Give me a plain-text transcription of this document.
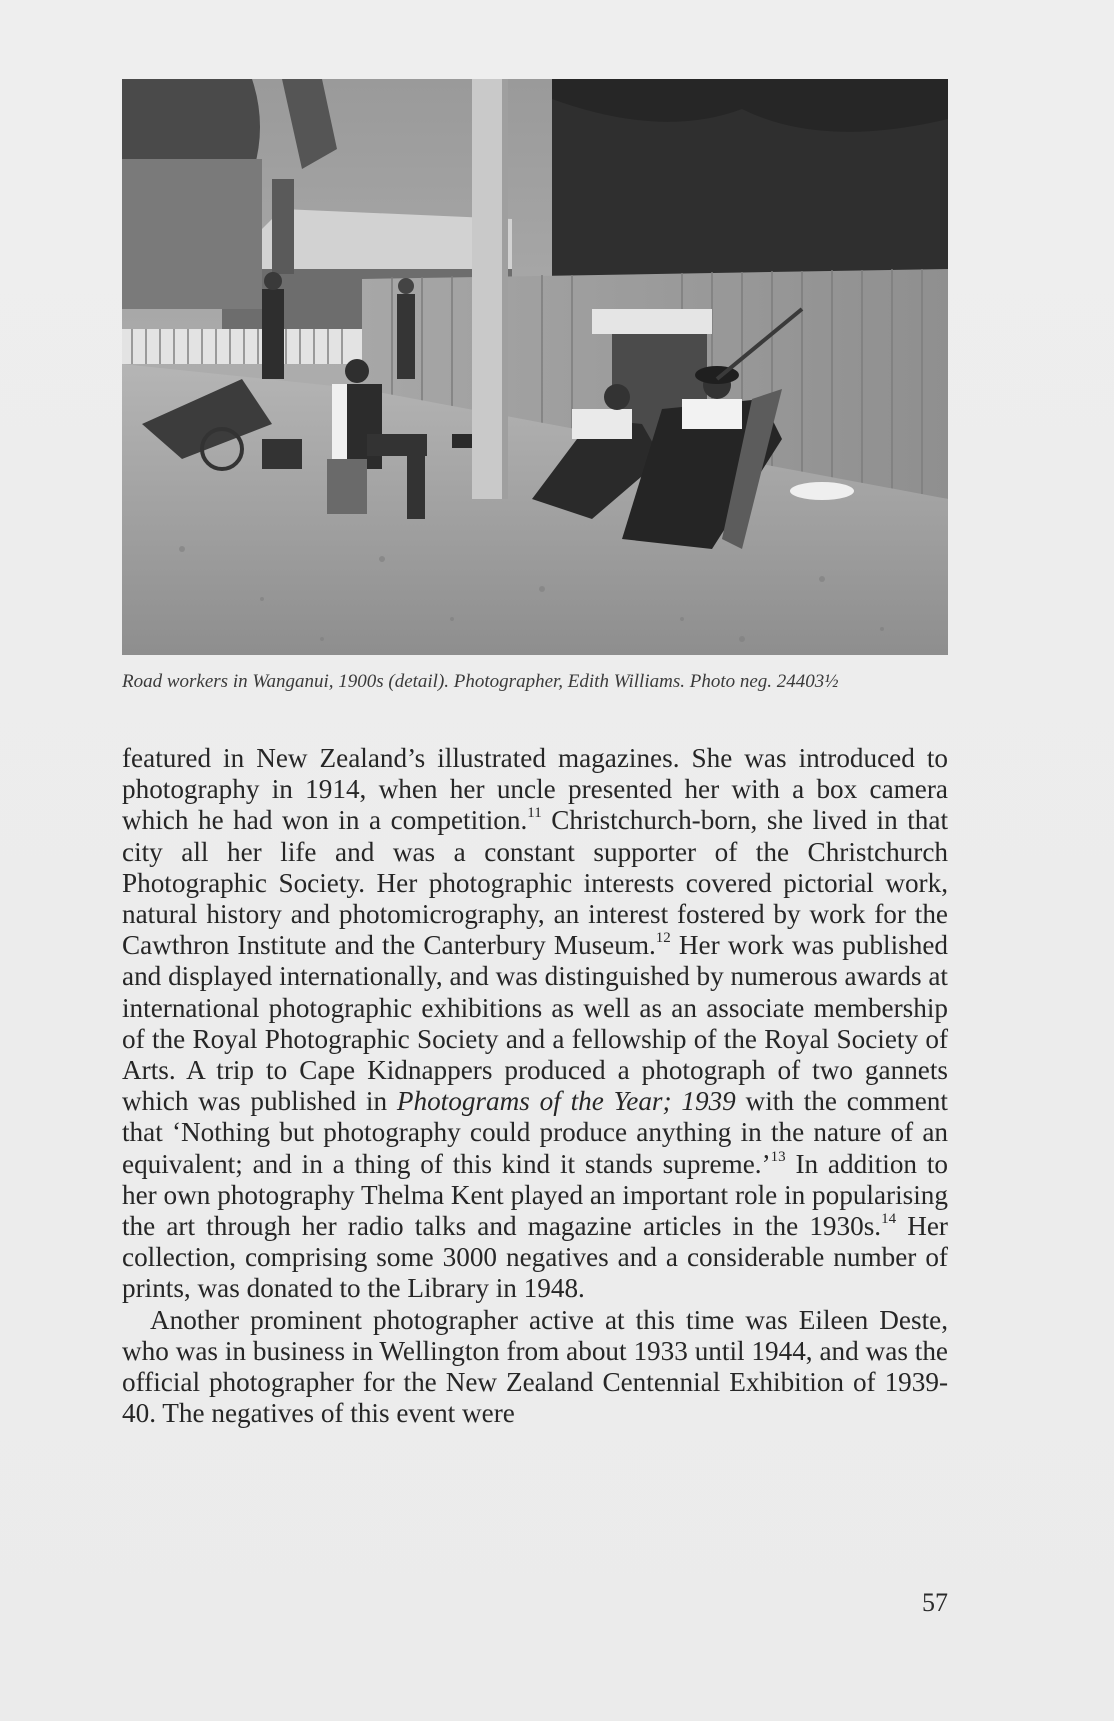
Road workers in Wanganui, 1900s (detail). Photographer, Edith Williams. Photo neg. 24403½

featured in New Zealand’s illustrated magazines. She was introduced to photography in 1914, when her uncle presented her with a box camera which he had won in a competition.$^{11}$ Christchurch-born, she lived in that city all her life and was a constant supporter of the Christchurch Photographic Society. Her photographic interests covered pictorial work, natural history and photomicrography, an interest fostered by work for the Cawthron Institute and the Canterbury Museum.$^{12}$ Her work was published and displayed internationally, and was distinguished by numerous awards at international photographic exhibitions as well as an associate membership of the Royal Photographic Society and a fellowship of the Royal Society of Arts. A trip to Cape Kidnappers produced a photograph of two gannets which was published in Photograms of the Year; 1939 with the comment that ‘Nothing but photography could produce anything in the nature of an equivalent; and in a thing of this kind it stands supreme.’$^{13}$ In addition to her own photography Thelma Kent played an important role in popularising the art through her radio talks and magazine articles in the 1930s.$^{14}$ Her collection, comprising some 3000 negatives and a considerable number of prints, was donated to the Library in 1948.

Another prominent photographer active at this time was Eileen Deste, who was in business in Wellington from about 1933 until 1944, and was the official photographer for the New Zealand Centennial Exhibition of 1939-40. The negatives of this event were

57
